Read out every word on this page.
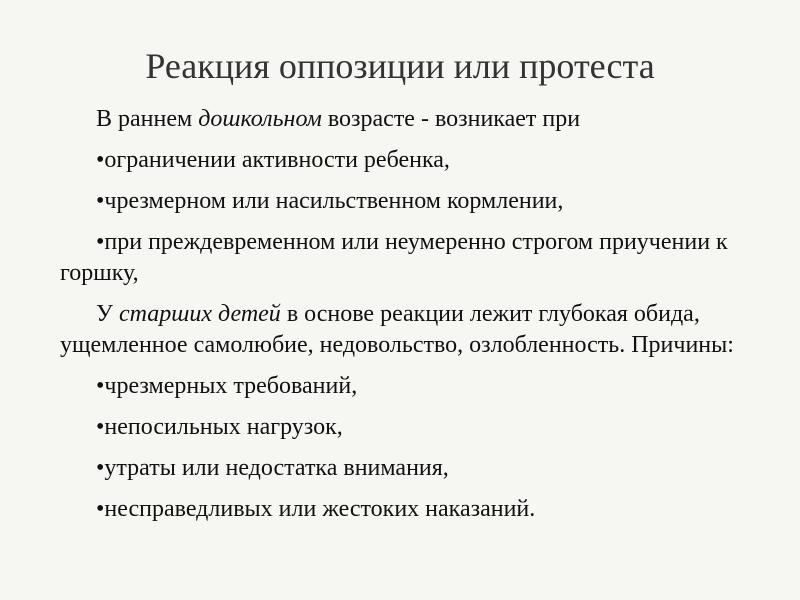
Реакция оппозиции или протеста

В раннем дошкольном возрасте - возникает при

•ограничении активности ребенка,

•чрезмерном или насильственном кормлении,

•при преждевременном или неумеренно строгом приучении к горшку,

У старших детей в основе реакции лежит глубокая обида, ущемленное самолюбие, недовольство, озлобленность. Причины:

•чрезмерных требований,

•непосильных нагрузок,

•утраты или недостатка внимания,

•несправедливых или жестоких наказаний.
